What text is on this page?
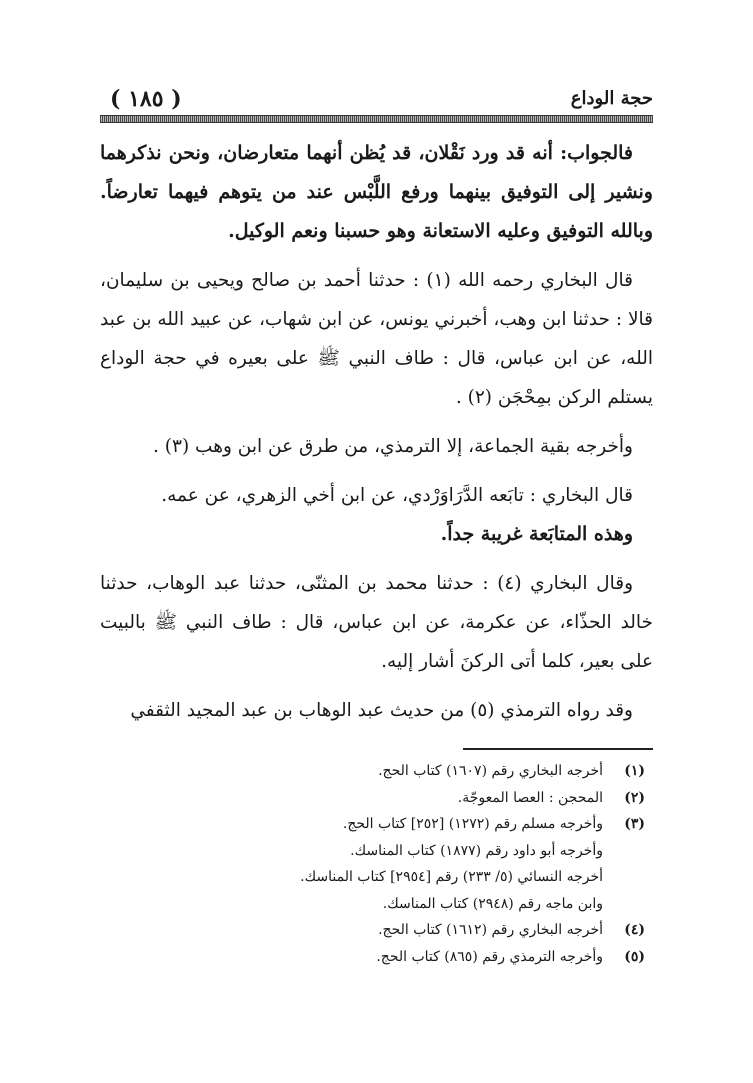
( ١٨٥ )	حجة الوداع

فالجواب: أنه قد ورد نَقْلان، قد يُظن أنهما متعارضان، ونحن نذكرهما ونشير إلى التوفيق بينهما ورفع اللَّبْس عند من يتوهم فيهما تعارضاً. وبالله التوفيق وعليه الاستعانة وهو حسبنا ونعم الوكيل.

قال البخاري رحمه الله (١) : حدثنا أحمد بن صالح ويحيى بن سليمان، قالا : حدثنا ابن وهب، أخبرني يونس، عن ابن شهاب، عن عبيد الله بن عبد الله، عن ابن عباس، قال : طاف النبي ﷺ على بعيره في حجة الوداع يستلم الركن بمِحْجَن (٢) .

وأخرجه بقية الجماعة، إلا الترمذي، من طرق عن ابن وهب (٣) .

قال البخاري : تابَعه الدَّرَاوَرْدي، عن ابن أخي الزهري، عن عمه.

وهذه المتابَعة غريبة جداً.

وقال البخاري (٤) : حدثنا محمد بن المثنّى، حدثنا عبد الوهاب، حدثنا خالد الحذّاء، عن عكرمة، عن ابن عباس، قال : طاف النبي ﷺ بالبيت على بعير، كلما أتى الركنَ أشار إليه.

وقد رواه الترمذي (٥) من حديث عبد الوهاب بن عبد المجيد الثقفي

(١)
أخرجه البخاري رقم (١٦٠٧) كتاب الحج.
(٢)
المحجن : العصا المعوجّة.
(٣)
وأخرجه مسلم رقم (١٢٧٢) [٢٥٢] كتاب الحج.
وأخرجه أبو داود رقم (١٨٧٧) كتاب المناسك.
أخرجه النسائي (٥/ ٢٣٣) رقم [٢٩٥٤] كتاب المناسك.
وابن ماجه رقم (٢٩٤٨) كتاب المناسك.
(٤)
أخرجه البخاري رقم (١٦١٢) كتاب الحج.
(٥)
وأخرجه الترمذي رقم (٨٦٥) كتاب الحج.
